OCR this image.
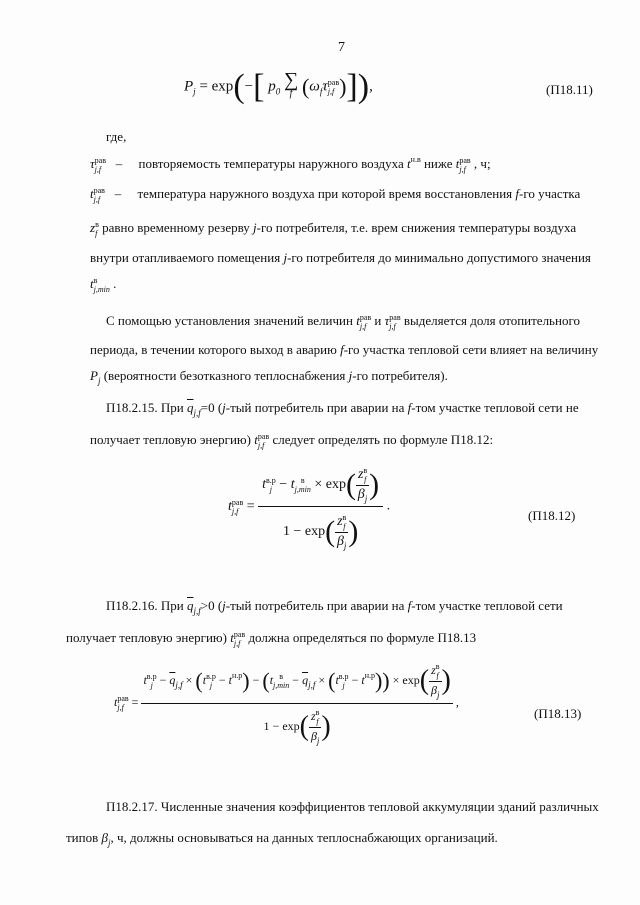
7
$P_j = \exp(-$[ $p_0$
∑
f ($\omega_f\tau$ рав
j,f )]),	(П18.11)
где,
τ рав
j,f	– повторяемость температуры наружного воздуха $t^{н.в}$ ниже t рав
j,f , ч;
t рав
j,f	– температура наружного воздуха при которой время восстановления f-го участка
z в
f равно временному резерву j-го потребителя, т.е. врем снижения температуры воздуха
внутри отапливаемого помещения j-го потребителя до минимально допустимого значения
t в
j,min .
С помощью установления значений величин t рав
j,f и τ рав
j,f выделяется доля отопительного
периода, в течении которого выход в аварию f-го участка тепловой сети влияет на величину
$P_j$ (вероятности безотказного теплоснабжения j-го потребителя).
П18.2.15. При $\overline{q}_{j,f}=0$ (j-тый потребитель при аварии на f-том участке тепловой сети не
получает тепловую энергию) t рав
j,f следует определять по формуле П18.12:
t рав
j,f = t в.р
j − t в
j,min × exp( z в
f
$\beta_j$ )
1 − exp( z в
f
$\beta_j$ ) .
(П18.12)
П18.2.16. При $\overline{q}_{j,f}>0$ (j-тый потребитель при аварии на f-том участке тепловой сети
получает тепловую энергию) t рав
j,f должна определяться по формуле П18.13
t рав
j,f =
t в.р
$j - \overline{q}_{j,f} \times (t$ в.р
$j - t^{н.р}) - (t$ в
$j,\min - \overline{q}_{j,f} \times (t$ в.р
$j - t^{н.р})) \times \exp$( z в
f
$\beta_j$ )
1 − exp( z в
f
$\beta_j$ )
,
(П18.13)
П18.2.17. Численные значения коэффициентов тепловой аккумуляции зданий различных
типов $\beta_j$, ч, должны основываться на данных теплоснабжающих организаций.
